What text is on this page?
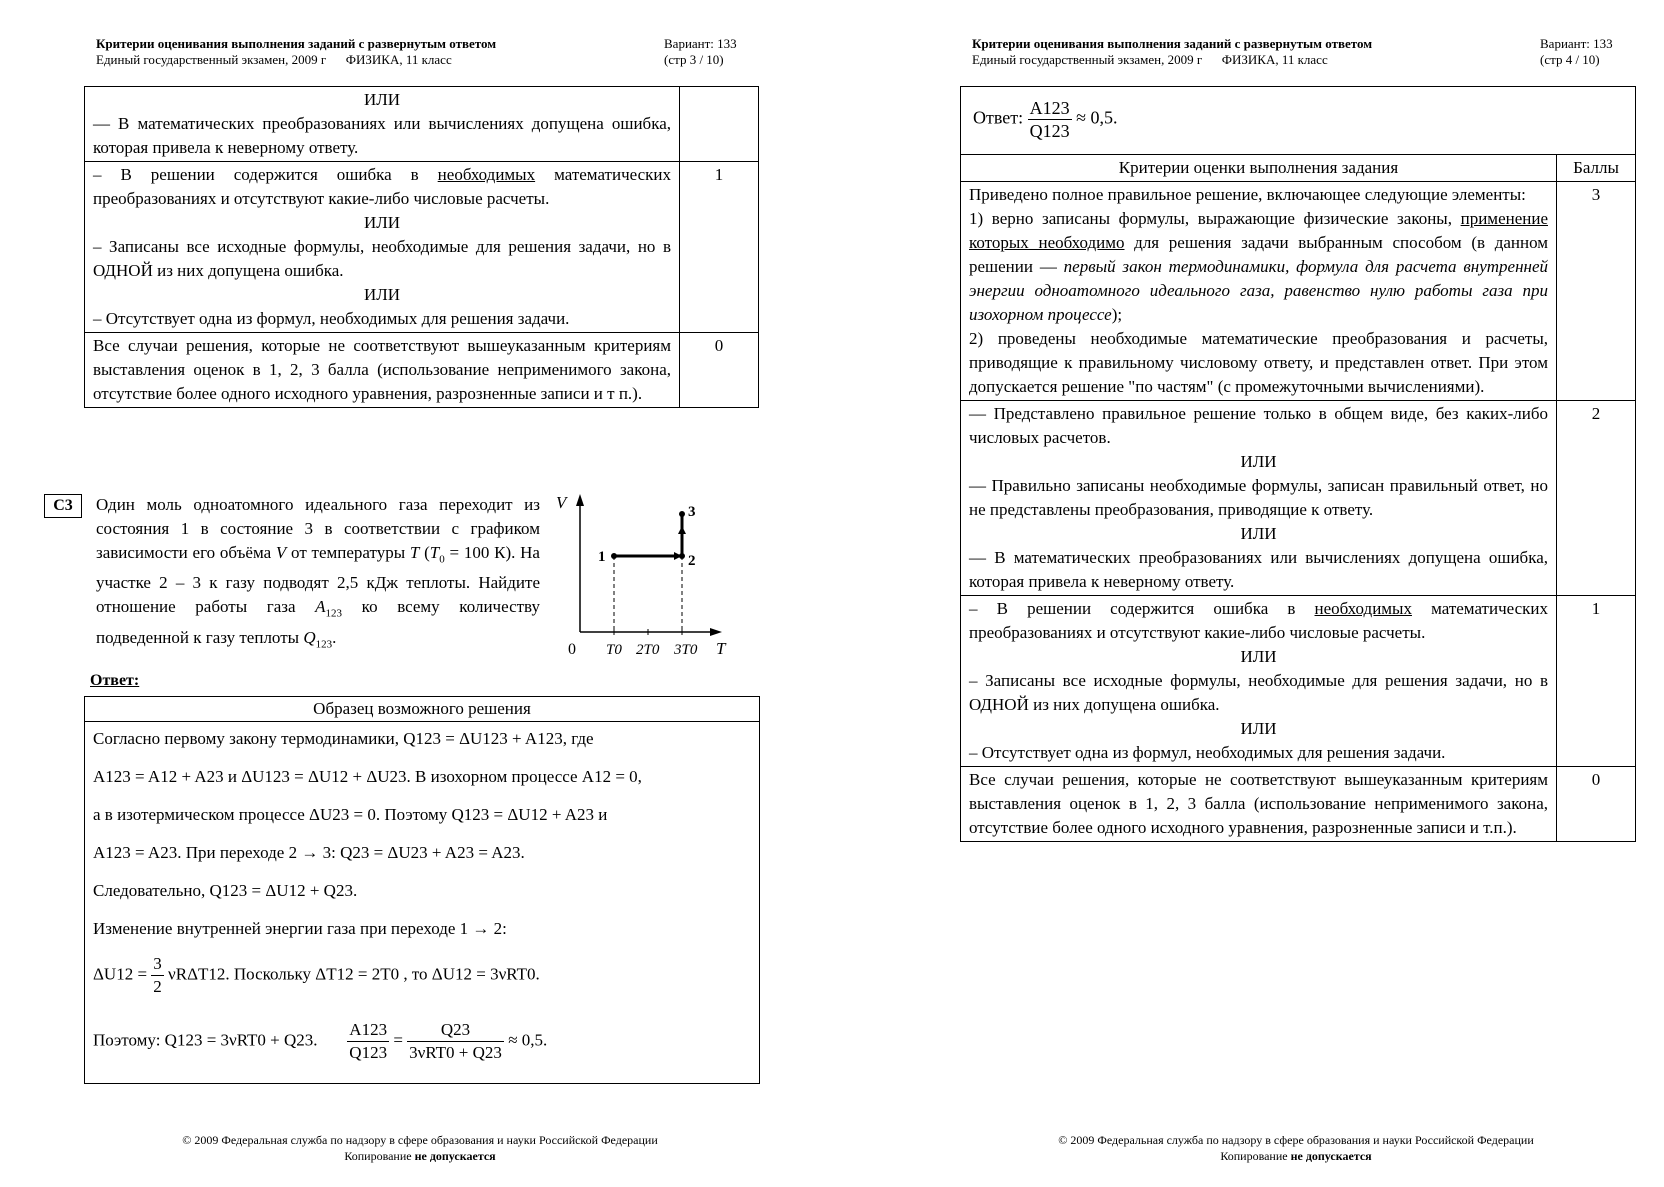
Критерии оценивания выполнения заданий с развернутым ответом
Единый государственный экзамен, 2009 г      ФИЗИКА, 11 класс
Вариант: 133
(стр 3 / 10)
ИЛИ
— В математических преобразованиях или вычислениях допущена ошибка, которая привела к неверному ответу.	

– В решении содержится ошибка в необходимых математических преобразованиях и отсутствуют какие-либо числовые расчеты.
ИЛИ
– Записаны все исходные формулы, необходимые для решения задачи, но в ОДНОЙ из них допущена ошибка.
ИЛИ
– Отсутствует одна из формул, необходимых для решения задачи.	1
Все случаи решения, которые не соответствуют вышеуказанным критериям выставления оценок в 1, 2, 3 балла (использование неприменимого закона, отсутствие более одного исходного уравнения, разрозненные записи и т п.).	0
С3	Один моль одноатомного идеального газа переходит из состояния 1 в состояние 3 в соответствии с графиком зависимости его объёма V от температуры T ($T_0 = 100$ К). На участке 2 – 3 к газу подводят 2,5 кДж теплоты. Найдите отношение работы газа $A_{123}$ ко всему количеству подведенной к газу теплоты $Q_{123}$.
V
T
0
1	2
3
T0 2T0 3T0
Ответ:
Образец возможного решения
Согласно первому закону термодинамики, Q123 = ΔU123 + A123, где
A123 = A12 + A23 и ΔU123 = ΔU12 + ΔU23. В изохорном процессе A12 = 0,
а в изотермическом процессе ΔU23 = 0. Поэтому Q123 = ΔU12 + A23 и
A123 = A23. При переходе 2 → 3: Q23 = ΔU23 + A23 = A23.
Следовательно, Q123 = ΔU12 + Q23.
Изменение внутренней энергии газа при переходе 1 → 2:
$\Delta U12 = \frac{3}{2} \nu R\Delta T12$. Поскольку ΔT12 = 2T0 , то ΔU12 = 3νRT0.
Поэтому: Q123 = 3νRT0 + Q23. $\frac{A123}{Q123} = \frac{Q23}{\text{3νRT0 + Q23}} \approx 0,5$.
© 2009 Федеральная служба по надзору в сфере образования и науки Российской Федерации
Копирование не допускается
Критерии оценивания выполнения заданий с развернутым ответом
Единый государственный экзамен, 2009 г      ФИЗИКА, 11 класс
Вариант: 133
(стр 4 / 10)
Ответ: $\frac{A123}{Q123} \approx 0,5$.
Критерии оценки выполнения задания	Баллы

Приведено полное правильное решение, включающее следующие элементы:
1) верно записаны формулы, выражающие физические законы, применение которых необходимо для решения задачи выбранным способом (в данном решении — первый закон термодинамики, формула для расчета внутренней энергии одноатомного идеального газа, равенство нулю работы газа при изохорном процессе);
2) проведены необходимые математические преобразования и расчеты, приводящие к правильному числовому ответу, и представлен ответ. При этом допускается решение "по частям" (с промежуточными вычислениями).	3

— Представлено правильное решение только в общем виде, без каких-либо числовых расчетов.
ИЛИ
— Правильно записаны необходимые формулы, записан правильный ответ, но не представлены преобразования, приводящие к ответу.
ИЛИ
— В математических преобразованиях или вычислениях допущена ошибка, которая привела к неверному ответу.	2

– В решении содержится ошибка в необходимых математических преобразованиях и отсутствуют какие-либо числовые расчеты.
ИЛИ
– Записаны все исходные формулы, необходимые для решения задачи, но в ОДНОЙ из них допущена ошибка.
ИЛИ
– Отсутствует одна из формул, необходимых для решения задачи.	1
Все случаи решения, которые не соответствуют вышеуказанным критериям выставления оценок в 1, 2, 3 балла (использование неприменимого закона, отсутствие более одного исходного уравнения, разрозненные записи и т.п.).	0
© 2009 Федеральная служба по надзору в сфере образования и науки Российской Федерации
Копирование не допускается
